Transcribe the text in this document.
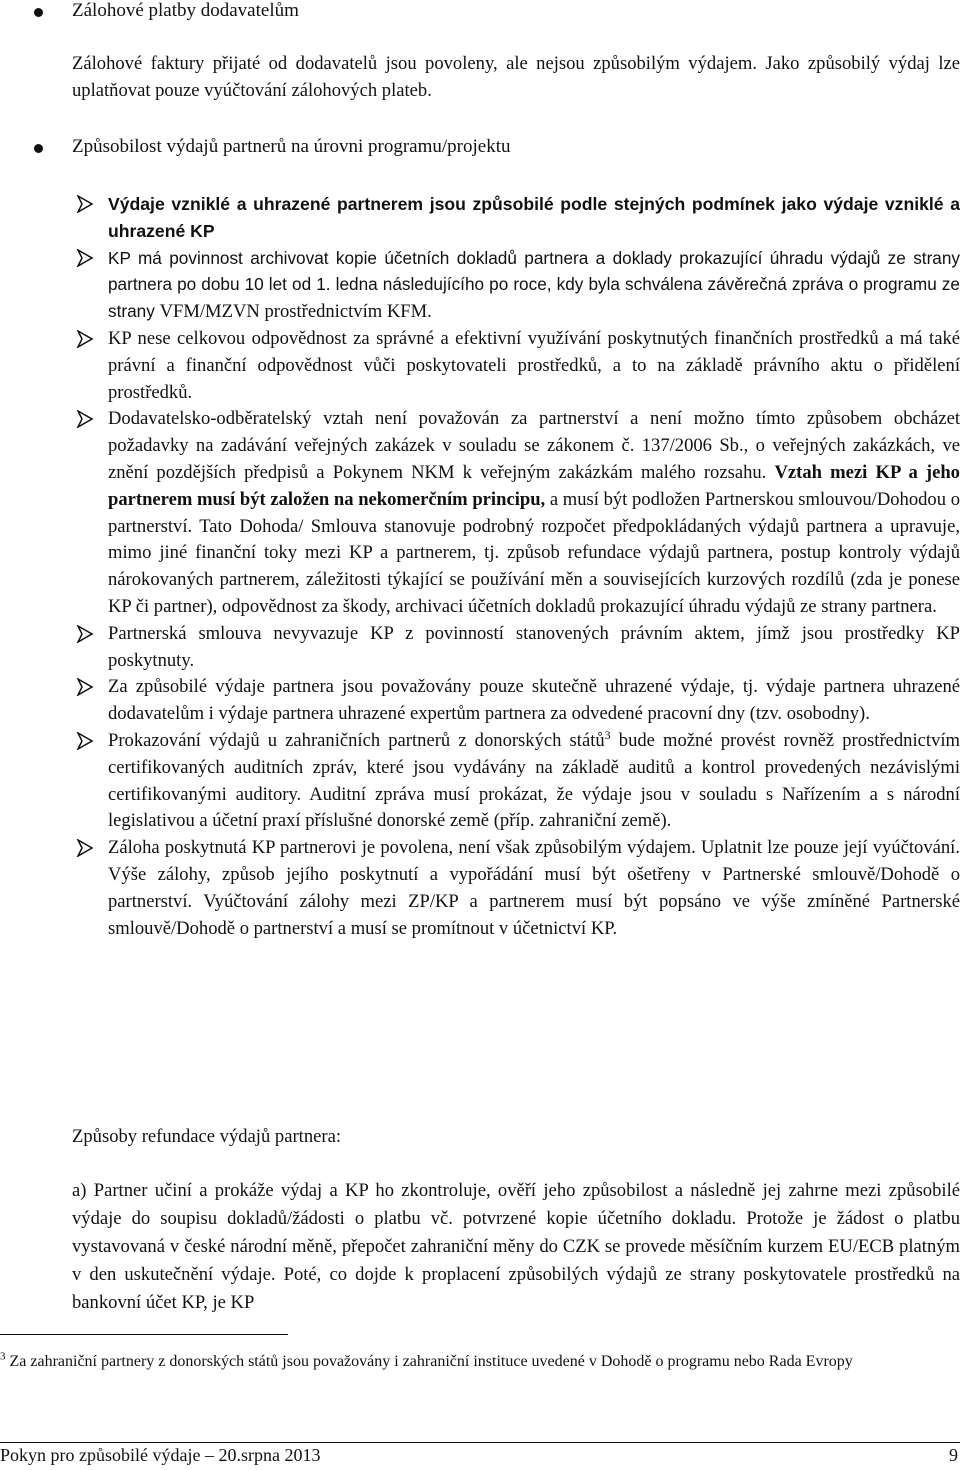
Zálohové platby dodavatelům
Zálohové faktury přijaté od dodavatelů jsou povoleny, ale nejsou způsobilým výdajem. Jako způsobilý výdaj lze uplatňovat pouze vyúčtování zálohových plateb.
Způsobilost výdajů partnerů na úrovni programu/projektu
Výdaje vzniklé a uhrazené partnerem jsou způsobilé podle stejných podmínek jako výdaje vzniklé a uhrazené KP
KP má povinnost archivovat kopie účetních dokladů partnera a doklady prokazující úhradu výdajů ze strany partnera po dobu 10 let od 1. ledna následujícího po roce, kdy byla schválena závěrečná zpráva o programu ze strany VFM/MZVN prostřednictvím KFM.
KP nese celkovou odpovědnost za správné a efektivní využívání poskytnutých finančních prostředků a má také právní a finanční odpovědnost vůči poskytovateli prostředků, a to na základě právního aktu o přidělení prostředků.
Dodavatelsko-odběratelský vztah není považován za partnerství a není možno tímto způsobem obcházet požadavky na zadávání veřejných zakázek v souladu se zákonem č. 137/2006 Sb., o veřejných zakázkách, ve znění pozdějších předpisů a Pokynem NKM k veřejným zakázkám malého rozsahu. Vztah mezi KP a jeho partnerem musí být založen na nekomerčním principu, a musí být podložen Partnerskou smlouvou/Dohodou o partnerství. Tato Dohoda/ Smlouva stanovuje podrobný rozpočet předpokládaných výdajů partnera a upravuje, mimo jiné finanční toky mezi KP a partnerem, tj. způsob refundace výdajů partnera, postup kontroly výdajů nárokovaných partnerem, záležitosti týkající se používání měn a souvisejících kurzových rozdílů (zda je ponese KP či partner), odpovědnost za škody, archivaci účetních dokladů prokazující úhradu výdajů ze strany partnera.
Partnerská smlouva nevyvazuje KP z povinností stanovených právním aktem, jímž jsou prostředky KP poskytnuty.
Za způsobilé výdaje partnera jsou považovány pouze skutečně uhrazené výdaje, tj. výdaje partnera uhrazené dodavatelům i výdaje partnera uhrazené expertům partnera za odvedené pracovní dny (tzv. osobodny).
Prokazování výdajů u zahraničních partnerů z donorských států$^3$ bude možné provést rovněž prostřednictvím certifikovaných auditních zpráv, které jsou vydávány na základě auditů a kontrol provedených nezávislými certifikovanými auditory. Auditní zpráva musí prokázat, že výdaje jsou v souladu s Nařízením a s národní legislativou a účetní praxí příslušné donorské země (příp. zahraniční země).
Záloha poskytnutá KP partnerovi je povolena, není však způsobilým výdajem. Uplatnit lze pouze její vyúčtování. Výše zálohy, způsob jejího poskytnutí a vypořádání musí být ošetřeny v Partnerské smlouvě/Dohodě o partnerství. Vyúčtování zálohy mezi ZP/KP a partnerem musí být popsáno ve výše zmíněné Partnerské smlouvě/Dohodě o partnerství a musí se promítnout v účetnictví KP.
Způsoby refundace výdajů partnera:
a) Partner učiní a prokáže výdaj a KP ho zkontroluje, ověří jeho způsobilost a následně jej zahrne mezi způsobilé výdaje do soupisu dokladů/žádosti o platbu vč. potvrzené kopie účetního dokladu. Protože je žádost o platbu vystavovaná v české národní měně, přepočet zahraniční měny do CZK se provede měsíčním kurzem EU/ECB platným v den uskutečnění výdaje. Poté, co dojde k proplacení způsobilých výdajů ze strany poskytovatele prostředků na bankovní účet KP, je KP
$^3$ Za zahraniční partnery z donorských států jsou považovány i zahraniční instituce uvedené v Dohodě o programu nebo Rada Evropy
Pokyn pro způsobilé výdaje – 20.srpna 2013	9
